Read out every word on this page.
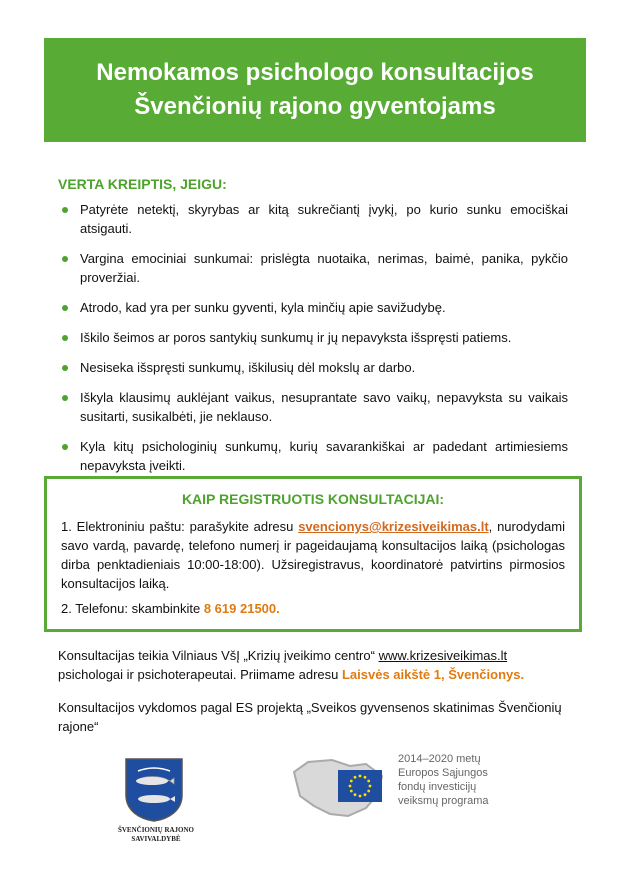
Nemokamos psichologo konsultacijos
Švenčionių rajono gyventojams
VERTA KREIPTIS, JEIGU:
Patyrėte netektį, skyrybas ar kitą sukrečiantį įvykį, po kurio sunku emociškai atsigauti.
Vargina emociniai sunkumai: prislėgta nuotaika, nerimas, baimė, panika, pykčio proveržiai.
Atrodo, kad yra per sunku gyventi, kyla minčių apie savižudybę.
Iškilo šeimos ar poros santykių sunkumų ir jų nepavyksta išspręsti patiems.
Nesiseka išspręsti sunkumų, iškilusių dėl mokslų ar darbo.
Iškyla klausimų auklėjant vaikus, nesuprantate savo vaikų, nepavyksta su vaikais susitarti, susikalbėti, jie neklauso.
Kyla kitų psichologinių sunkumų, kurių savarankiškai ar padedant artimiesiems nepavyksta įveikti.
KAIP REGISTRUOTIS KONSULTACIJAI:

1. Elektroniniu paštu: parašykite adresu svencionys@krizesiveikimas.lt, nurodydami savo vardą, pavardę, telefono numerį ir pageidaujamą konsultacijos laiką (psichologas dirba penktadieniais 10:00-18:00). Užsiregistravus, koordinatorė patvirtins pirmosios konsultacijos laiką.

2. Telefonu: skambinkite 8 619 21500.

Konsultacijas teikia Vilniaus VšĮ „Krizių įveikimo centro“ www.krizesiveikimas.lt psichologai ir psichoterapeutai. Priimame adresu Laisvės aikštė 1, Švenčionys.

Konsultacijos vykdomos pagal ES projektą „Sveikos gyvensenos skatinimas Švenčionių rajone“

ŠVENČIONIŲ RAJONO
SAVIVALDYBĖ
2014–2020 metų
Europos Sąjungos
fondų investicijų
veiksmų programa
